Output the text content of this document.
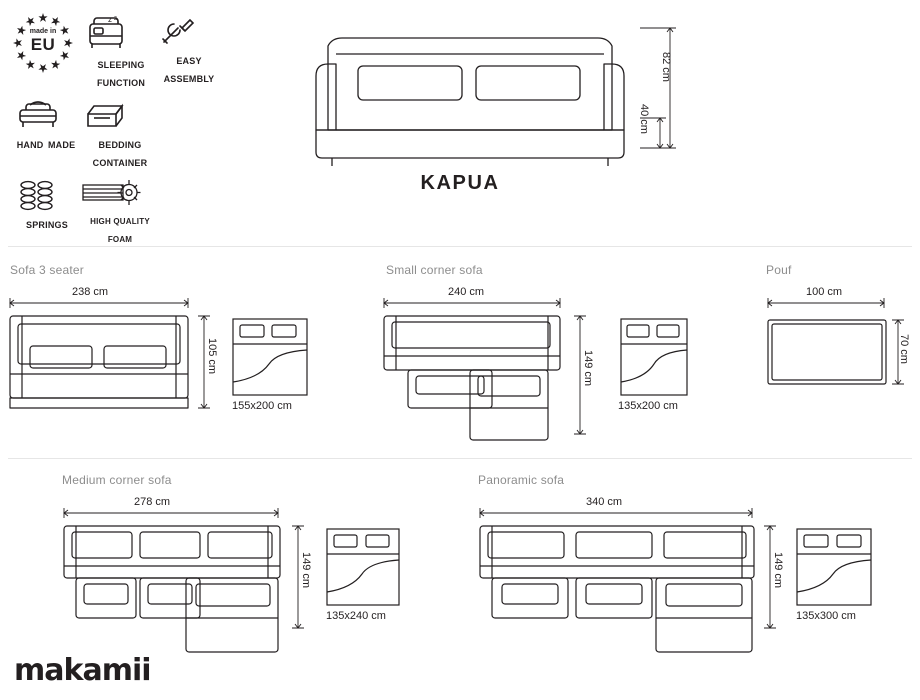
made in
EU
z z
SLEEPING FUNCTION
EASY ASSEMBLY
HAND MADE	BEDDING CONTAINER
SPRINGS	HIGH QUALITY FOAM
82 cm
40 cm
KAPUA
Sofa 3 seater
238 cm
105 cm
155x200 cm
Small corner sofa
240 cm
149 cm
135x200 cm
Pouf
100 cm
70 cm
Medium corner sofa
278 cm
149 cm
135x240 cm
Panoramic sofa
340 cm
149 cm
135x300 cm
makamii
